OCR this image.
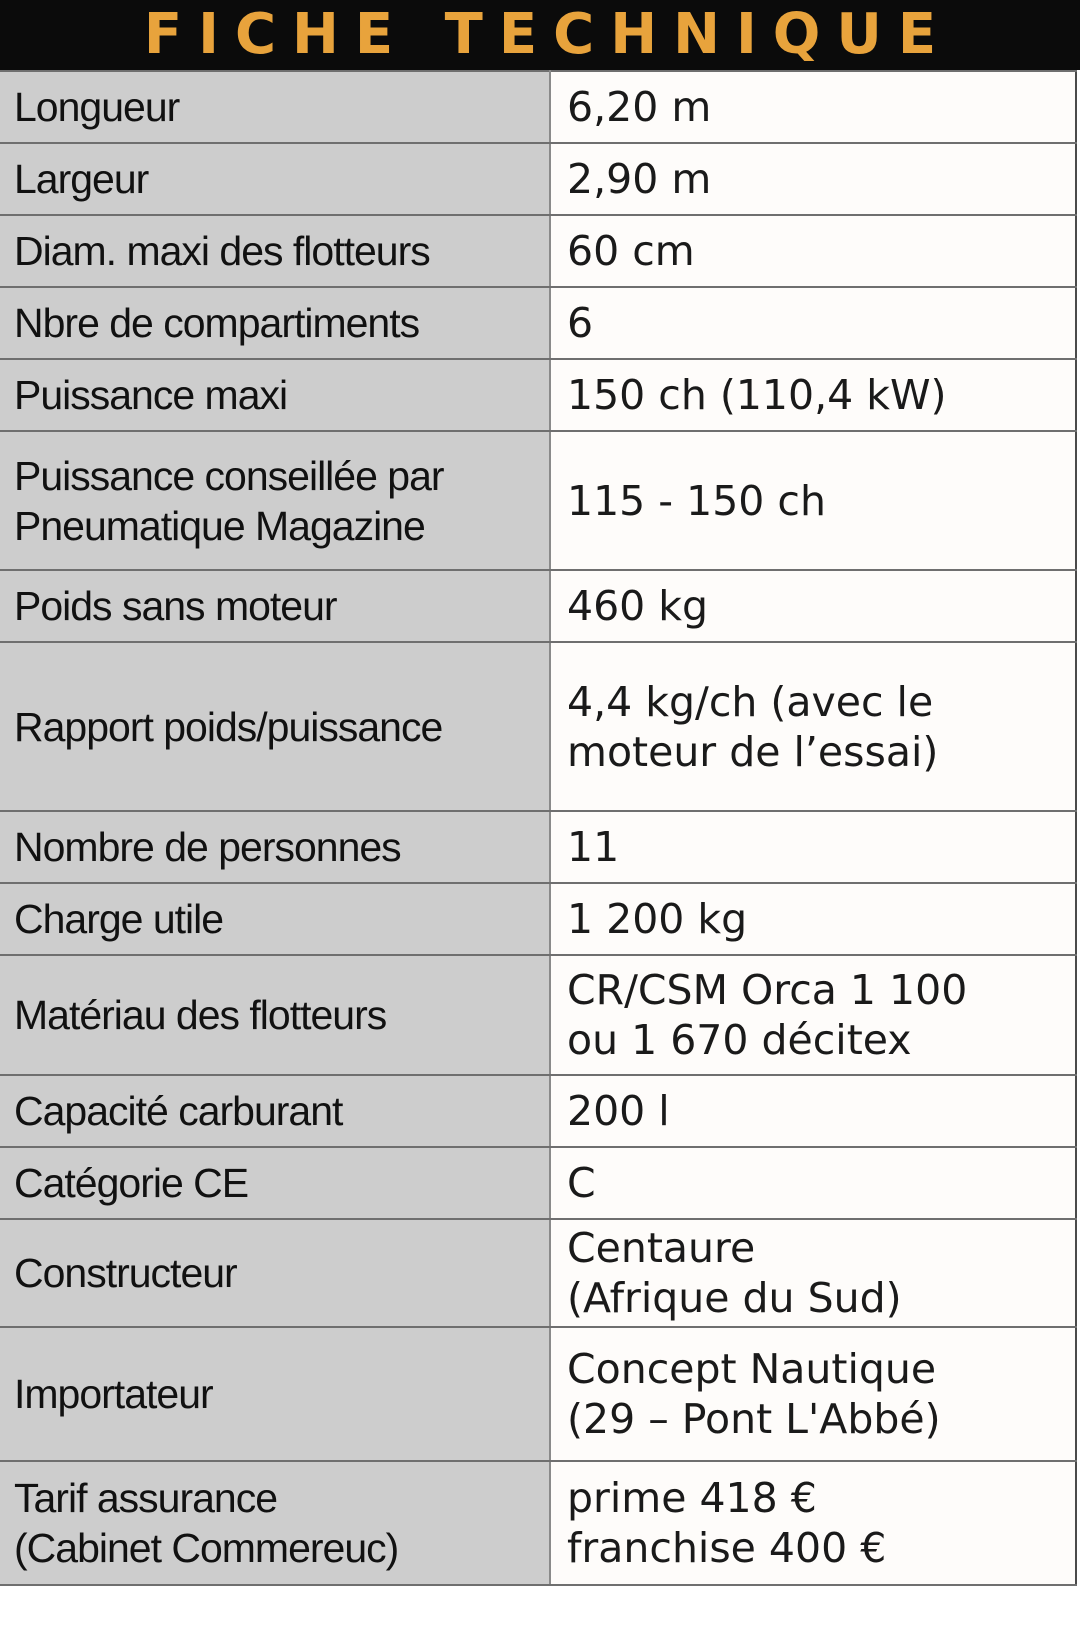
FICHE TECHNIQUE
Longueur	6,20 m

Largeur	2,90 m

Diam. maxi des flotteurs	60 cm

Nbre de compartiments	6

Puissance maxi	150 ch (110,4 kW)

Puissance conseillée par
Pneumatique Magazine	115 - 150 ch

Poids sans moteur	460 kg

Rapport poids/puissance	4,4 kg/ch (avec le
moteur de l’essai)

Nombre de personnes	11

Charge utile	1 200 kg

Matériau des flotteurs	CR/CSM Orca 1 100
ou 1 670 décitex

Capacité carburant	200 l

Catégorie CE	C

Constructeur	Centaure
(Afrique du Sud)

Importateur	Concept Nautique
(29 – Pont L'Abbé)

Tarif assurance
(Cabinet Commereuc)	prime 418 €
franchise 400 €
